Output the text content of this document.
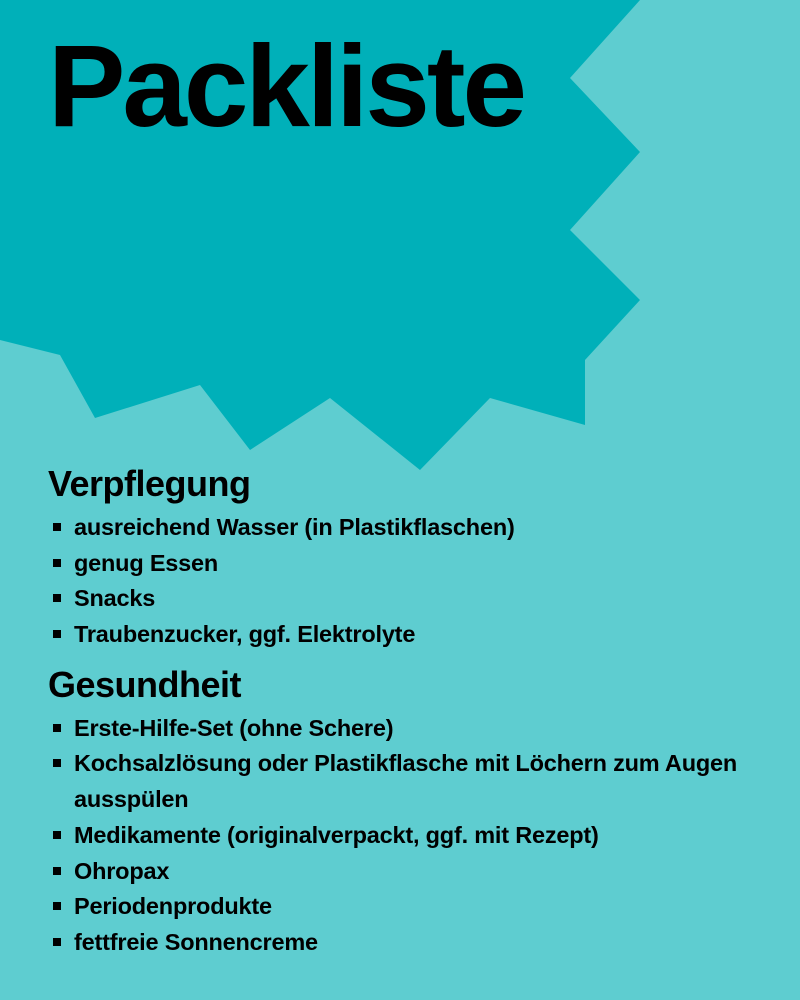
Packliste
Verpflegung
ausreichend Wasser (in Plastikflaschen)
genug Essen
Snacks
Traubenzucker, ggf. Elektrolyte
Gesundheit
Erste-Hilfe-Set (ohne Schere)
Kochsalzlösung oder Plastikflasche mit Löchern zum Augen ausspülen
Medikamente (originalverpackt, ggf. mit Rezept)
Ohropax
Periodenprodukte
fettfreie Sonnencreme
